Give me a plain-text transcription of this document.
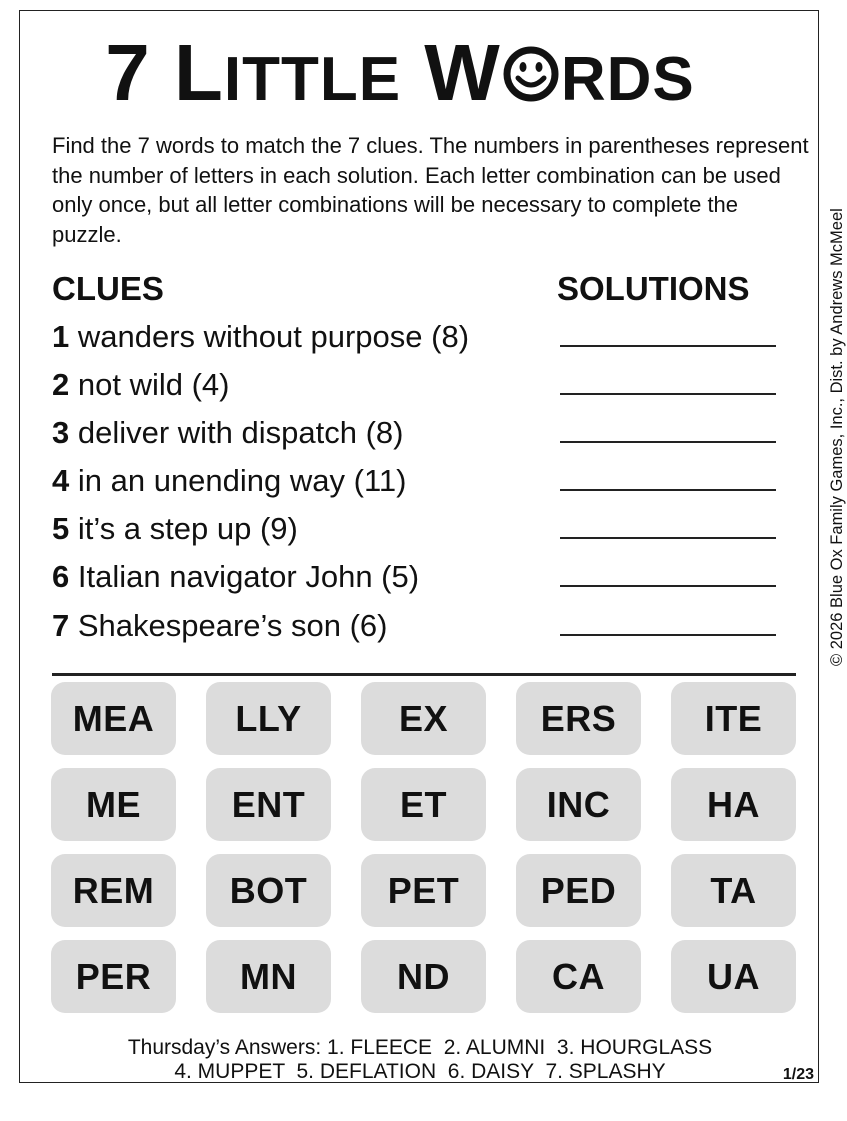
7 LITTLE W RDS

Find the 7 words to match the 7 clues. The numbers in parentheses represent the number of letters in each solution. Each letter combination can be used only once, but all letter combinations will be necessary to complete the puzzle.	© 2026 Blue Ox Family Games, Inc., Dist. by Andrews McMeel
CLUES	SOLUTIONS
1 wanders without purpose (8)
2 not wild (4)
3 deliver with dispatch (8)
4 in an unending way (11)
5 it’s a step up (9)
6 Italian navigator John (5)
7 Shakespeare’s son (6)
MEA	LLY	EX	ERS	ITE
ME	ENT	ET	INC	HA
REM	BOT	PET	PED	TA
PER	MN	ND	CA	UA
Thursday’s Answers: 1. FLEECE  2. ALUMNI  3. HOURGLASS
4. MUPPET  5. DEFLATION  6. DAISY  7. SPLASHY	1/23
